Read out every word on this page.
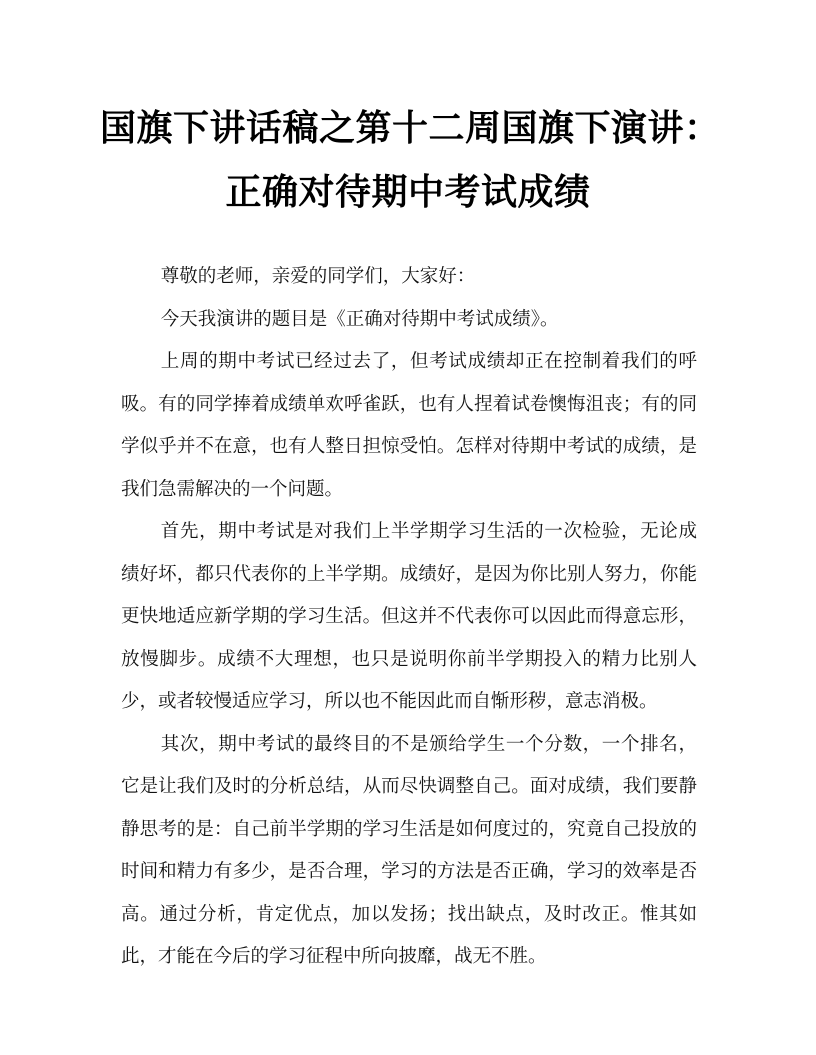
国旗下讲话稿之第十二周国旗下演讲：
正确对待期中考试成绩

尊敬的老师，亲爱的同学们，大家好：

今天我演讲的题目是《正确对待期中考试成绩》。

上周的期中考试已经过去了，但考试成绩却正在控制着我们的呼吸。有的同学捧着成绩单欢呼雀跃，也有人捏着试卷懊悔沮丧；有的同学似乎并不在意，也有人整日担惊受怕。怎样对待期中考试的成绩，是我们急需解决的一个问题。

首先，期中考试是对我们上半学期学习生活的一次检验，无论成绩好坏，都只代表你的上半学期。成绩好，是因为你比别人努力，你能更快地适应新学期的学习生活。但这并不代表你可以因此而得意忘形，放慢脚步。成绩不大理想，也只是说明你前半学期投入的精力比别人少，或者较慢适应学习，所以也不能因此而自惭形秽，意志消极。

其次，期中考试的最终目的不是颁给学生一个分数，一个排名，它是让我们及时的分析总结，从而尽快调整自己。面对成绩，我们要静静思考的是：自己前半学期的学习生活是如何度过的，究竟自己投放的时间和精力有多少，是否合理，学习的方法是否正确，学习的效率是否高。通过分析，肯定优点，加以发扬；找出缺点，及时改正。惟其如此，才能在今后的学习征程中所向披靡，战无不胜。
